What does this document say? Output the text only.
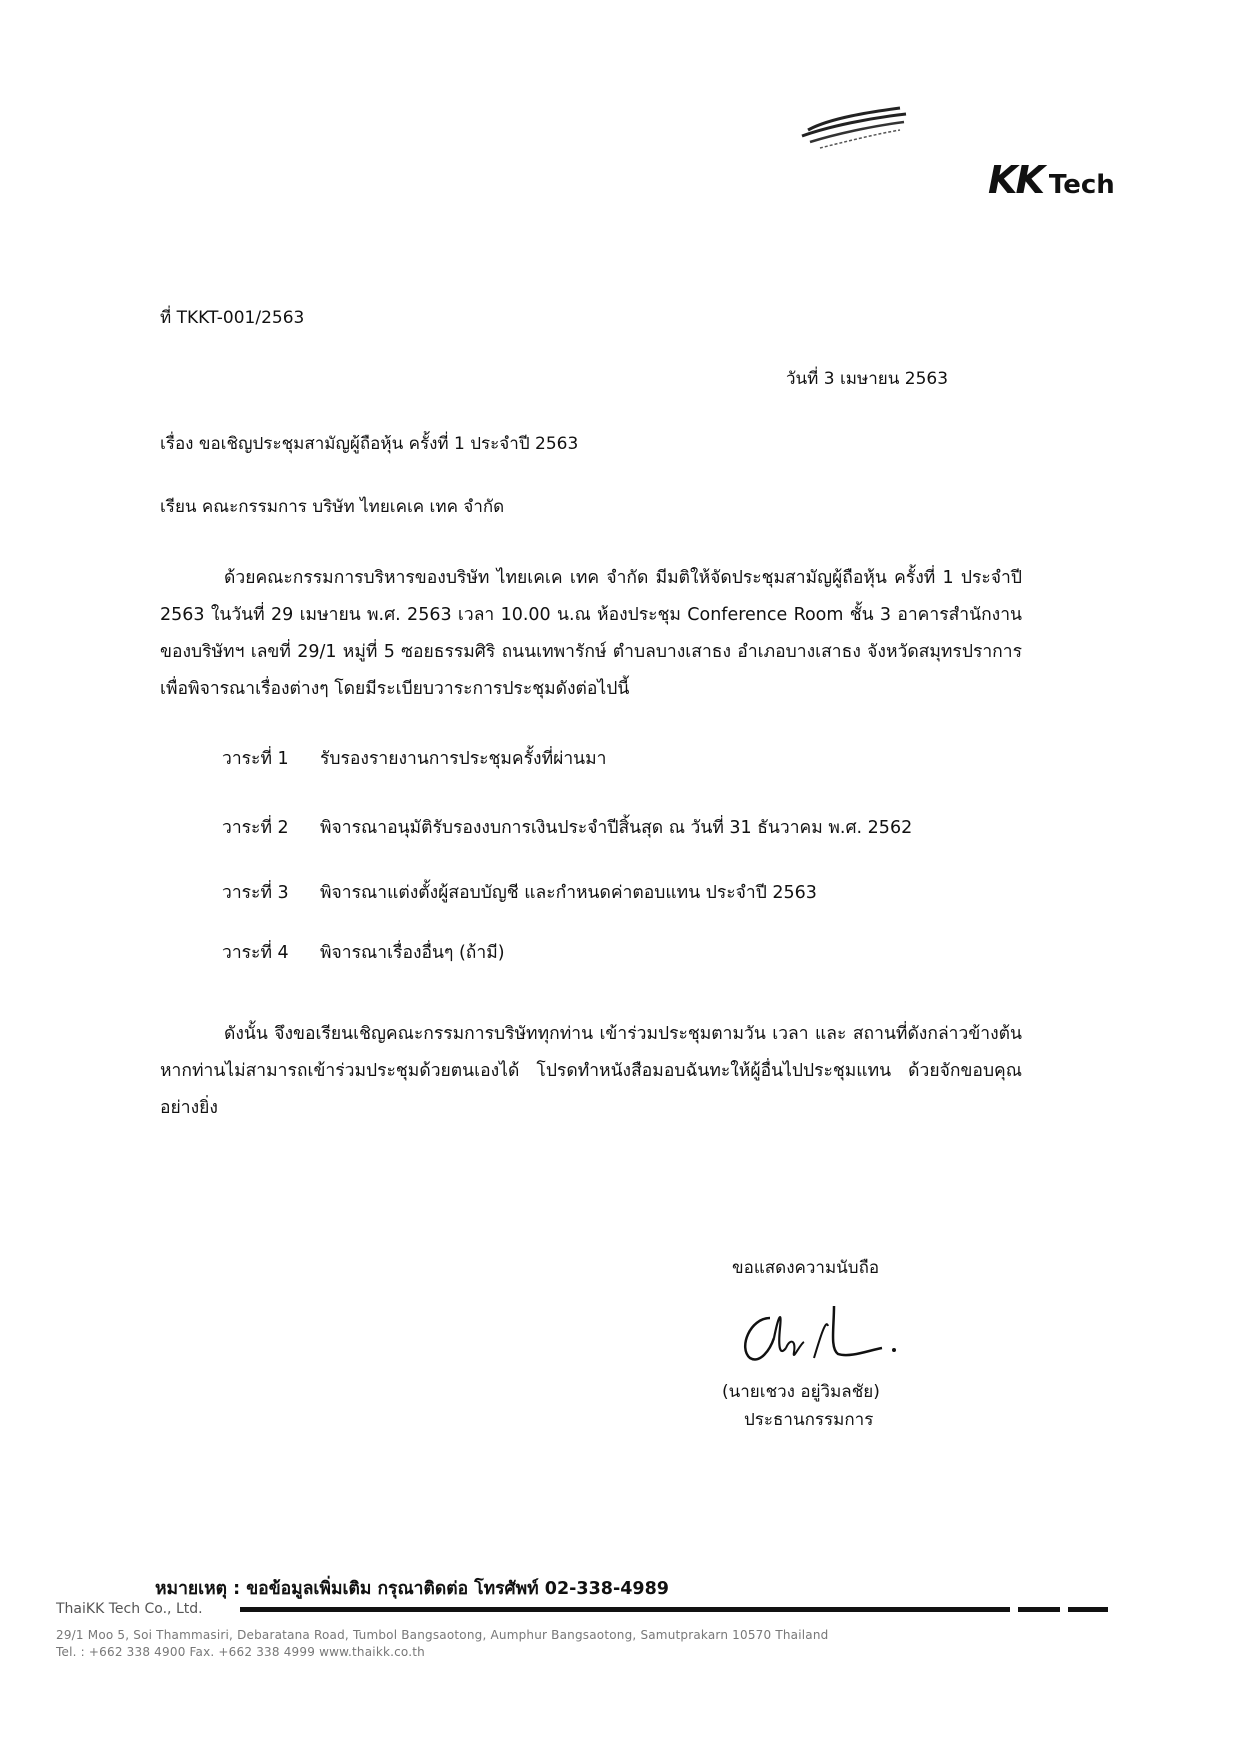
KK Tech
ที่ TKKT-001/2563
วันที่ 3 เมษายน 2563
เรื่อง ขอเชิญประชุมสามัญผู้ถือหุ้น ครั้งที่ 1 ประจำปี 2563
เรียน คณะกรรมการ บริษัท ไทยเคเค เทค จำกัด
ด้วยคณะกรรมการบริหารของบริษัท ไทยเคเค เทค จำกัด มีมติให้จัดประชุมสามัญผู้ถือหุ้น ครั้งที่ 1 ประจำปี 2563 ในวันที่ 29 เมษายน พ.ศ. 2563 เวลา 10.00 น.ณ ห้องประชุม Conference Room ชั้น 3 อาคารสำนักงานของบริษัทฯ เลขที่ 29/1 หมู่ที่ 5 ซอยธรรมศิริ ถนนเทพารักษ์ ตำบลบางเสาธง อำเภอบางเสาธง จังหวัดสมุทรปราการ เพื่อพิจารณาเรื่องต่างๆ โดยมีระเบียบวาระการประชุมดังต่อไปนี้
วาระที่ 1 รับรองรายงานการประชุมครั้งที่ผ่านมา
วาระที่ 2 พิจารณาอนุมัติรับรองงบการเงินประจำปีสิ้นสุด ณ วันที่ 31 ธันวาคม พ.ศ. 2562
วาระที่ 3 พิจารณาแต่งตั้งผู้สอบบัญชี และกำหนดค่าตอบแทน ประจำปี 2563
วาระที่ 4 พิจารณาเรื่องอื่นๆ (ถ้ามี)
ดังนั้น จึงขอเรียนเชิญคณะกรรมการบริษัททุกท่าน เข้าร่วมประชุมตามวัน เวลา และ สถานที่ดังกล่าวข้างต้น หากท่านไม่สามารถเข้าร่วมประชุมด้วยตนเองได้ โปรดทำหนังสือมอบฉันทะให้ผู้อื่นไปประชุมแทน ด้วยจักขอบคุณอย่างยิ่ง
ขอแสดงความนับถือ
(นายเชวง อยู่วิมลชัย)
ประธานกรรมการ
หมายเหตุ : ขอข้อมูลเพิ่มเติม กรุณาติดต่อ โทรศัพท์ 02-338-4989
ThaiKK Tech Co., Ltd.
29/1 Moo 5, Soi Thammasiri, Debaratana Road, Tumbol Bangsaotong, Aumphur Bangsaotong, Samutprakarn 10570 Thailand
Tel. : +662 338 4900 Fax. +662 338 4999 www.thaikk.co.th
